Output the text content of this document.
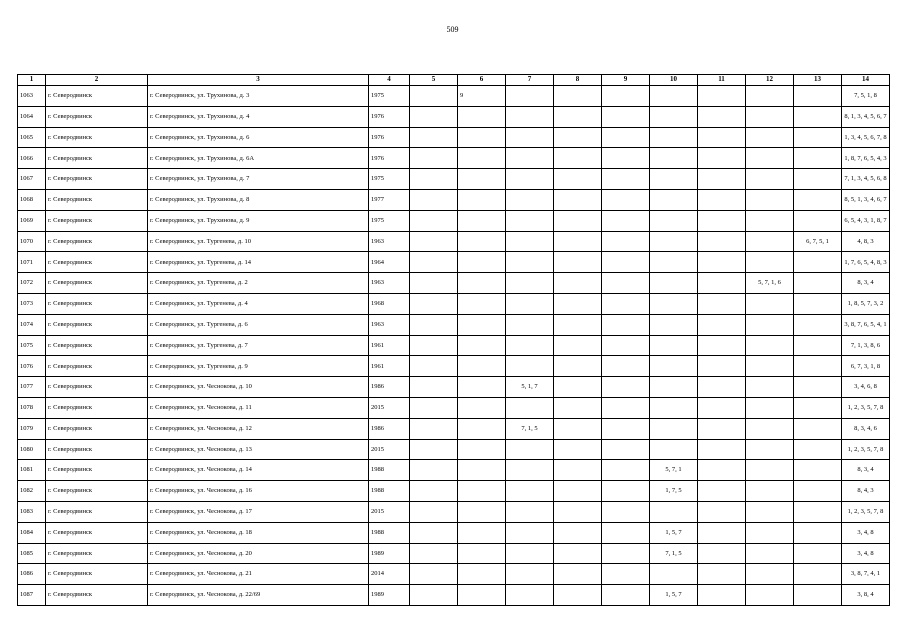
509
1	2	3	4	5	6	7	8	9	10	11	12	13	14
1063	г. Северодвинск	г. Северодвинск, ул. Трухинова, д. 3	1975		9								7, 5, 1, 8
1064	г. Северодвинск	г. Северодвинск, ул. Трухинова, д. 4	1976										8, 1, 3, 4, 5, 6, 7
1065	г. Северодвинск	г. Северодвинск, ул. Трухинова, д. 6	1976										1, 3, 4, 5, 6, 7, 8
1066	г. Северодвинск	г. Северодвинск, ул. Трухинова, д. 6А	1976										1, 8, 7, 6, 5, 4, 3
1067	г. Северодвинск	г. Северодвинск, ул. Трухинова, д. 7	1975										7, 1, 3, 4, 5, 6, 8
1068	г. Северодвинск	г. Северодвинск, ул. Трухинова, д. 8	1977										8, 5, 1, 3, 4, 6, 7
1069	г. Северодвинск	г. Северодвинск, ул. Трухинова, д. 9	1975										6, 5, 4, 3, 1, 8, 7
1070	г. Северодвинск	г. Северодвинск, ул. Тургенева, д. 10	1963									6, 7, 5, 1	4, 8, 3
1071	г. Северодвинск	г. Северодвинск, ул. Тургенева, д. 14	1964										1, 7, 6, 5, 4, 8, 3
1072	г. Северодвинск	г. Северодвинск, ул. Тургенева, д. 2	1963								5, 7, 1, 6		8, 3, 4
1073	г. Северодвинск	г. Северодвинск, ул. Тургенева, д. 4	1968										1, 8, 5, 7, 3, 2
1074	г. Северодвинск	г. Северодвинск, ул. Тургенева, д. 6	1963										3, 8, 7, 6, 5, 4, 1
1075	г. Северодвинск	г. Северодвинск, ул. Тургенева, д. 7	1961										7, 1, 3, 8, 6
1076	г. Северодвинск	г. Северодвинск, ул. Тургенева, д. 9	1961										6, 7, 3, 1, 8
1077	г. Северодвинск	г. Северодвинск, ул. Чеснокова, д. 10	1986			5, 1, 7							3, 4, 6, 8
1078	г. Северодвинск	г. Северодвинск, ул. Чеснокова, д. 11	2015										1, 2, 3, 5, 7, 8
1079	г. Северодвинск	г. Северодвинск, ул. Чеснокова, д. 12	1986			7, 1, 5							8, 3, 4, 6
1080	г. Северодвинск	г. Северодвинск, ул. Чеснокова, д. 13	2015										1, 2, 3, 5, 7, 8
1081	г. Северодвинск	г. Северодвинск, ул. Чеснокова, д. 14	1988						5, 7, 1				8, 3, 4
1082	г. Северодвинск	г. Северодвинск, ул. Чеснокова, д. 16	1988						1, 7, 5				8, 4, 3
1083	г. Северодвинск	г. Северодвинск, ул. Чеснокова, д. 17	2015										1, 2, 3, 5, 7, 8
1084	г. Северодвинск	г. Северодвинск, ул. Чеснокова, д. 18	1988						1, 5, 7				3, 4, 8
1085	г. Северодвинск	г. Северодвинск, ул. Чеснокова, д. 20	1989						7, 1, 5				3, 4, 8
1086	г. Северодвинск	г. Северодвинск, ул. Чеснокова, д. 21	2014										3, 8, 7, 4, 1
1087	г. Северодвинск	г. Северодвинск, ул. Чеснокова, д. 22/69	1989						1, 5, 7				3, 8, 4
